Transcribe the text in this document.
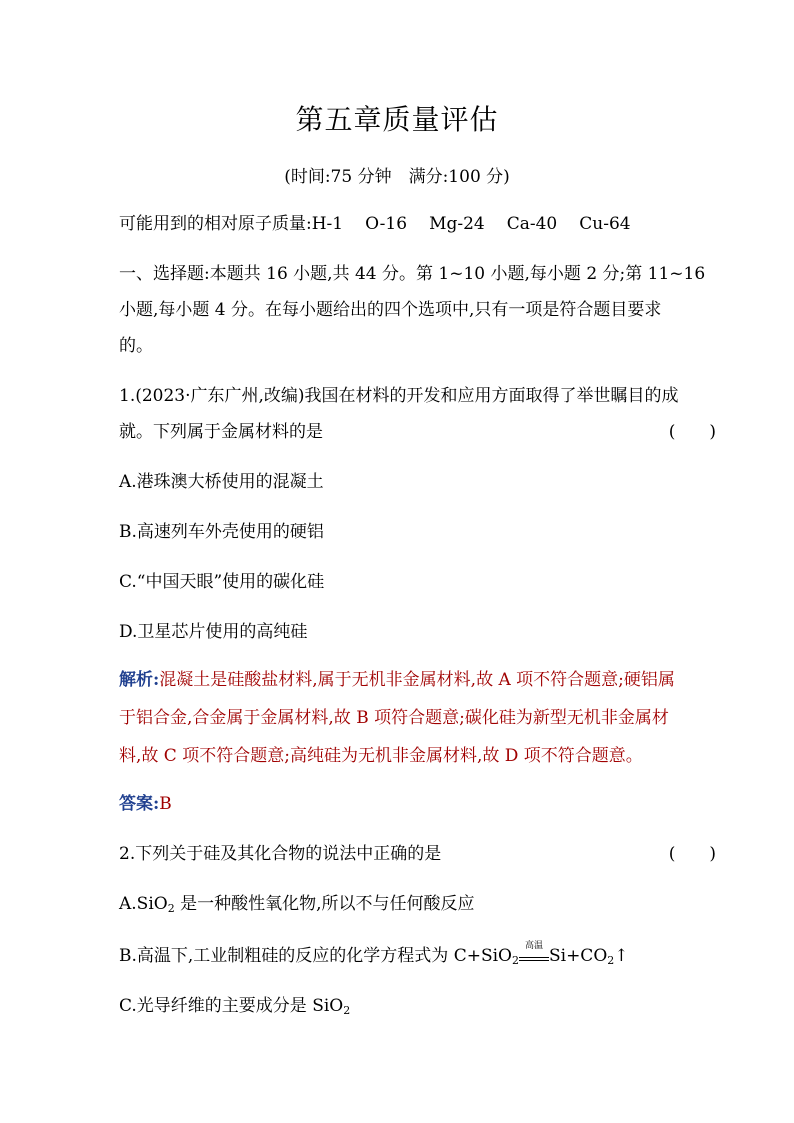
第五章质量评估
(时间:75 分钟　满分:100 分)
可能用到的相对原子质量:H-1 O-16 Mg-24 Ca-40 Cu-64
一、选择题:本题共 16 小题,共 44 分。第 1~10 小题,每小题 2 分;第 11~16
小题,每小题 4 分。在每小题给出的四个选项中,只有一项是符合题目要求
的。
1.(2023·广东广州,改编)我国在材料的开发和应用方面取得了举世瞩目的成
就。下列属于金属材料的是	(　　)
A.港珠澳大桥使用的混凝土
B.高速列车外壳使用的硬铝
C.“中国天眼”使用的碳化硅
D.卫星芯片使用的高纯硅
解析:混凝土是硅酸盐材料,属于无机非金属材料,故 A 项不符合题意;硬铝属
于铝合金,合金属于金属材料,故 B 项符合题意;碳化硅为新型无机非金属材
料,故 C 项不符合题意;高纯硅为无机非金属材料,故 D 项不符合题意。
答案:B
2.下列关于硅及其化合物的说法中正确的是	(　　)
A.SiO$_2$ 是一种酸性氧化物,所以不与任何酸反应
B.高温下,工业制粗硅的反应的化学方程式为 C+SiO$_2$
高温 $Si+CO_2↑$
C.光导纤维的主要成分是 SiO$_2$
